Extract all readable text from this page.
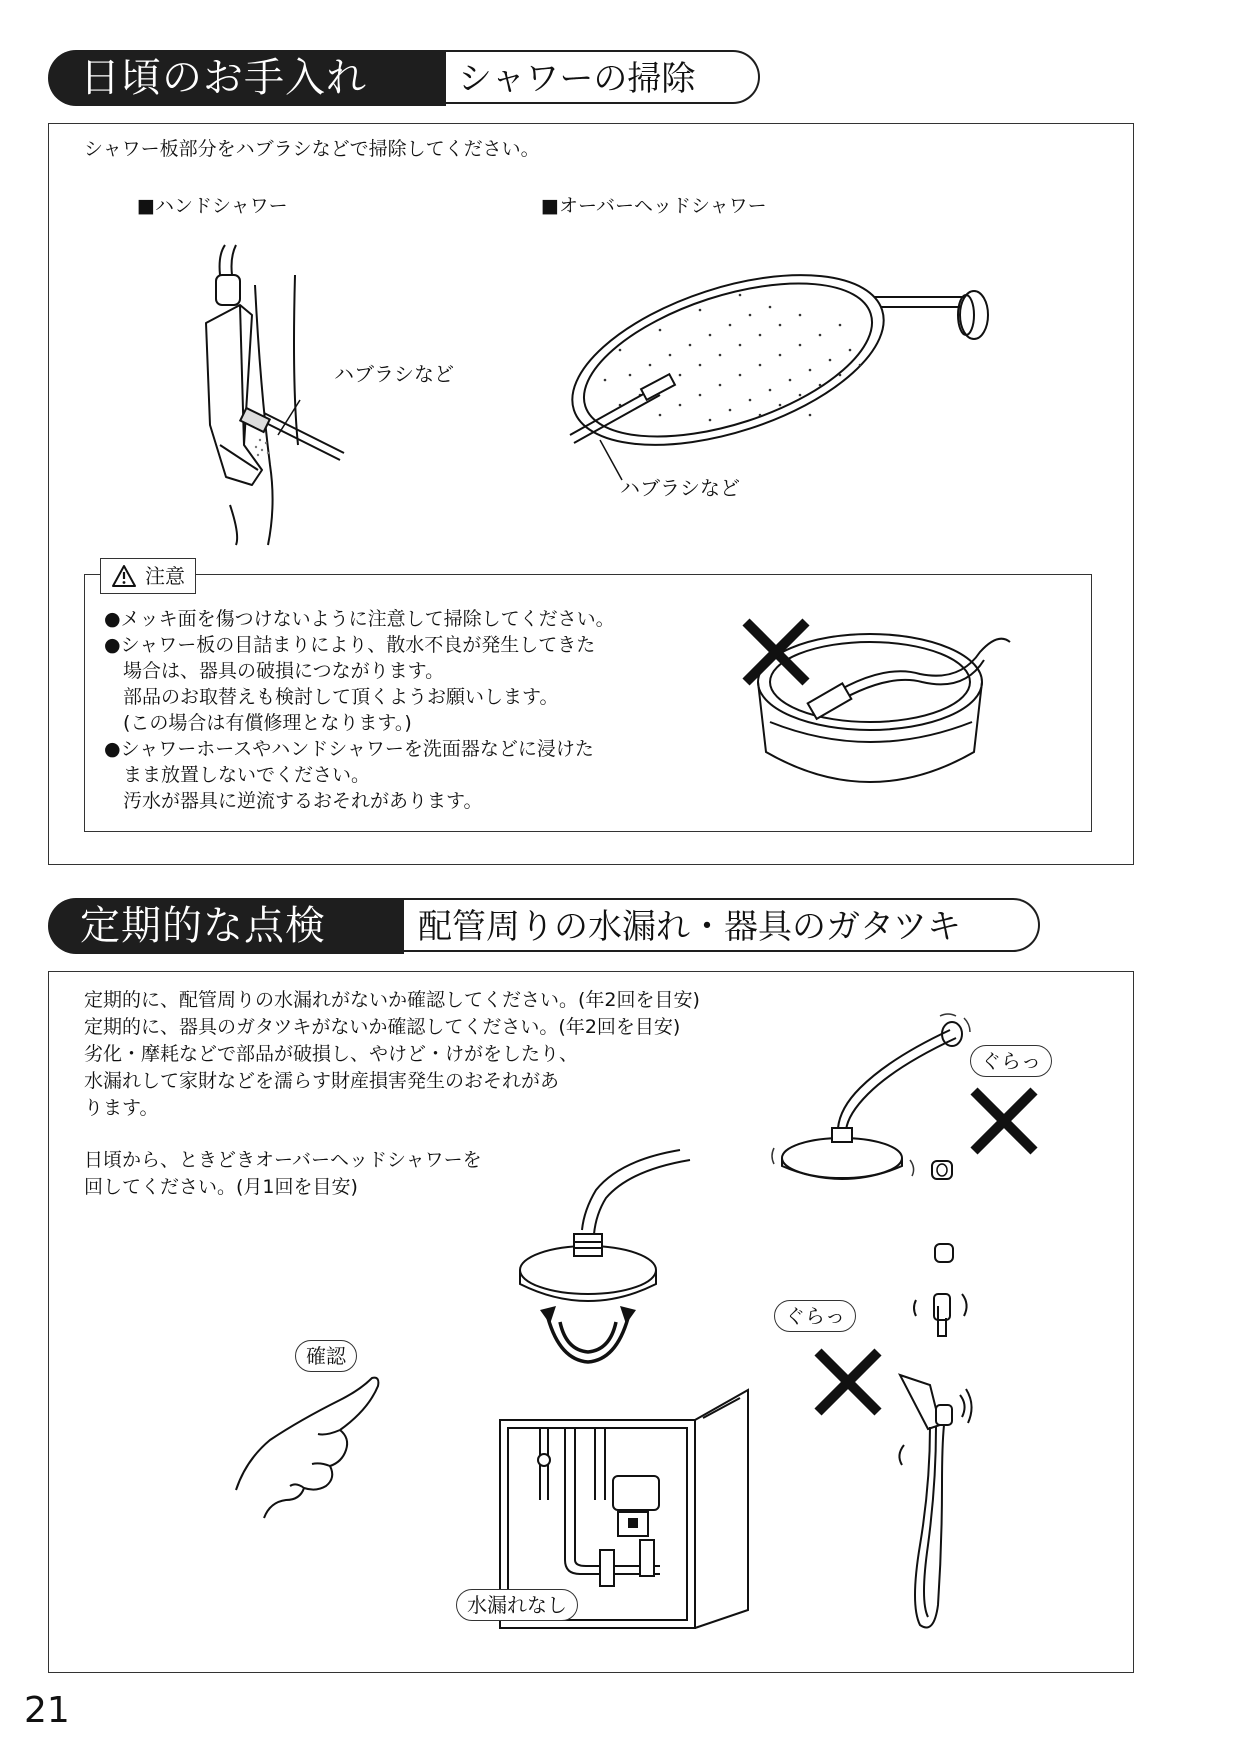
シャワーの掃除
日頃のお手入れ
シャワー板部分をハブラシなどで掃除してください。
■ハンドシャワー	■オーバーヘッドシャワー
ハブラシなど
ハブラシなど
注意
●メッキ面を傷つけないように注意して掃除してください。
●シャワー板の目詰まりにより、散水不良が発生してきた
　場合は、器具の破損につながります。
　部品のお取替えも検討して頂くようお願いします。
　(この場合は有償修理となります。)
●シャワーホースやハンドシャワーを洗面器などに浸けた
　まま放置しないでください。
　汚水が器具に逆流するおそれがあります。
配管周りの水漏れ・器具のガタツキ
定期的な点検
定期的に、配管周りの水漏れがないか確認してください。(年2回を目安)
定期的に、器具のガタツキがないか確認してください。(年2回を目安)
劣化・摩耗などで部品が破損し、やけど・けがをしたり、
水漏れして家財などを濡らす財産損害発生のおそれがあ
ります。
日頃から、ときどきオーバーヘッドシャワーを
回してください。(月1回を目安)
ぐらっ
ぐらっ
確認
水漏れなし
21
